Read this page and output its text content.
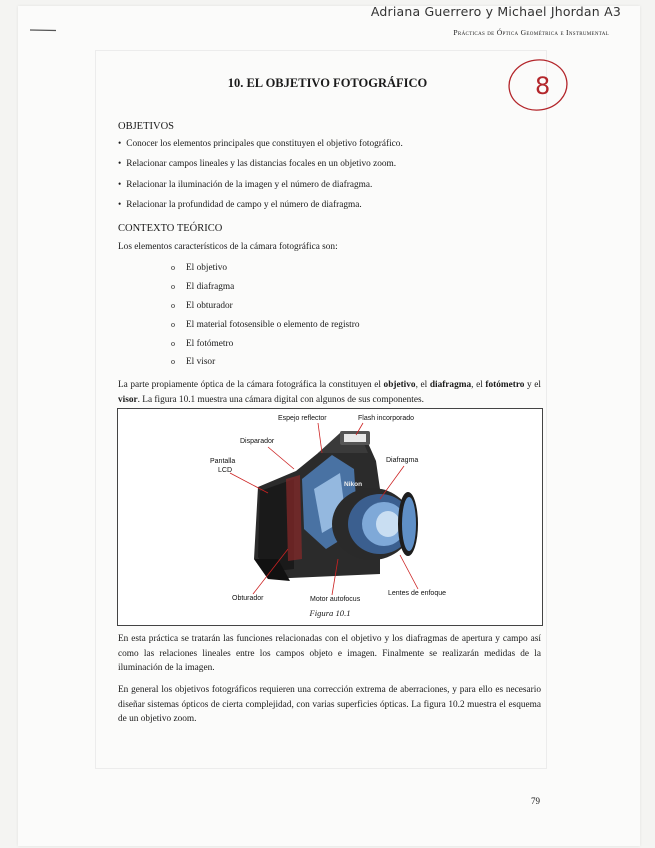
Adriana Guerrero y Michael Jhordan A3
Prácticas de Óptica Geométrica e Instrumental
8
10. EL OBJETIVO FOTOGRÁFICO
OBJETIVOS
• Conocer los elementos principales que constituyen el objetivo fotográfico.
• Relacionar campos lineales y las distancias focales en un objetivo zoom.
• Relacionar la iluminación de la imagen y el número de diafragma.
• Relacionar la profundidad de campo y el número de diafragma.
CONTEXTO TEÓRICO
Los elementos característicos de la cámara fotográfica son:
o El objetivo
o El diafragma
o El obturador
o El material fotosensible o elemento de registro
o El fotómetro
o El visor
La parte propiamente óptica de la cámara fotográfica la constituyen el objetivo, el diafragma, el fotómetro y el visor. La figura 10.1 muestra una cámara digital con algunos de sus componentes.
Espejo reflector	Flash incorporado
Disparador
Pantalla
LCD
Diafragma
Obturador	Motor autofocus
Lentes de enfoque
Nikon
Figura 10.1
En esta práctica se tratarán las funciones relacionadas con el objetivo y los diafragmas de apertura y campo así como las relaciones lineales entre los campos objeto e imagen. Finalmente se realizarán medidas de la iluminación de la imagen.
En general los objetivos fotográficos requieren una corrección extrema de aberraciones, y para ello es necesario diseñar sistemas ópticos de cierta complejidad, con varias superficies ópticas. La figura 10.2 muestra el esquema de un objetivo zoom.
79
